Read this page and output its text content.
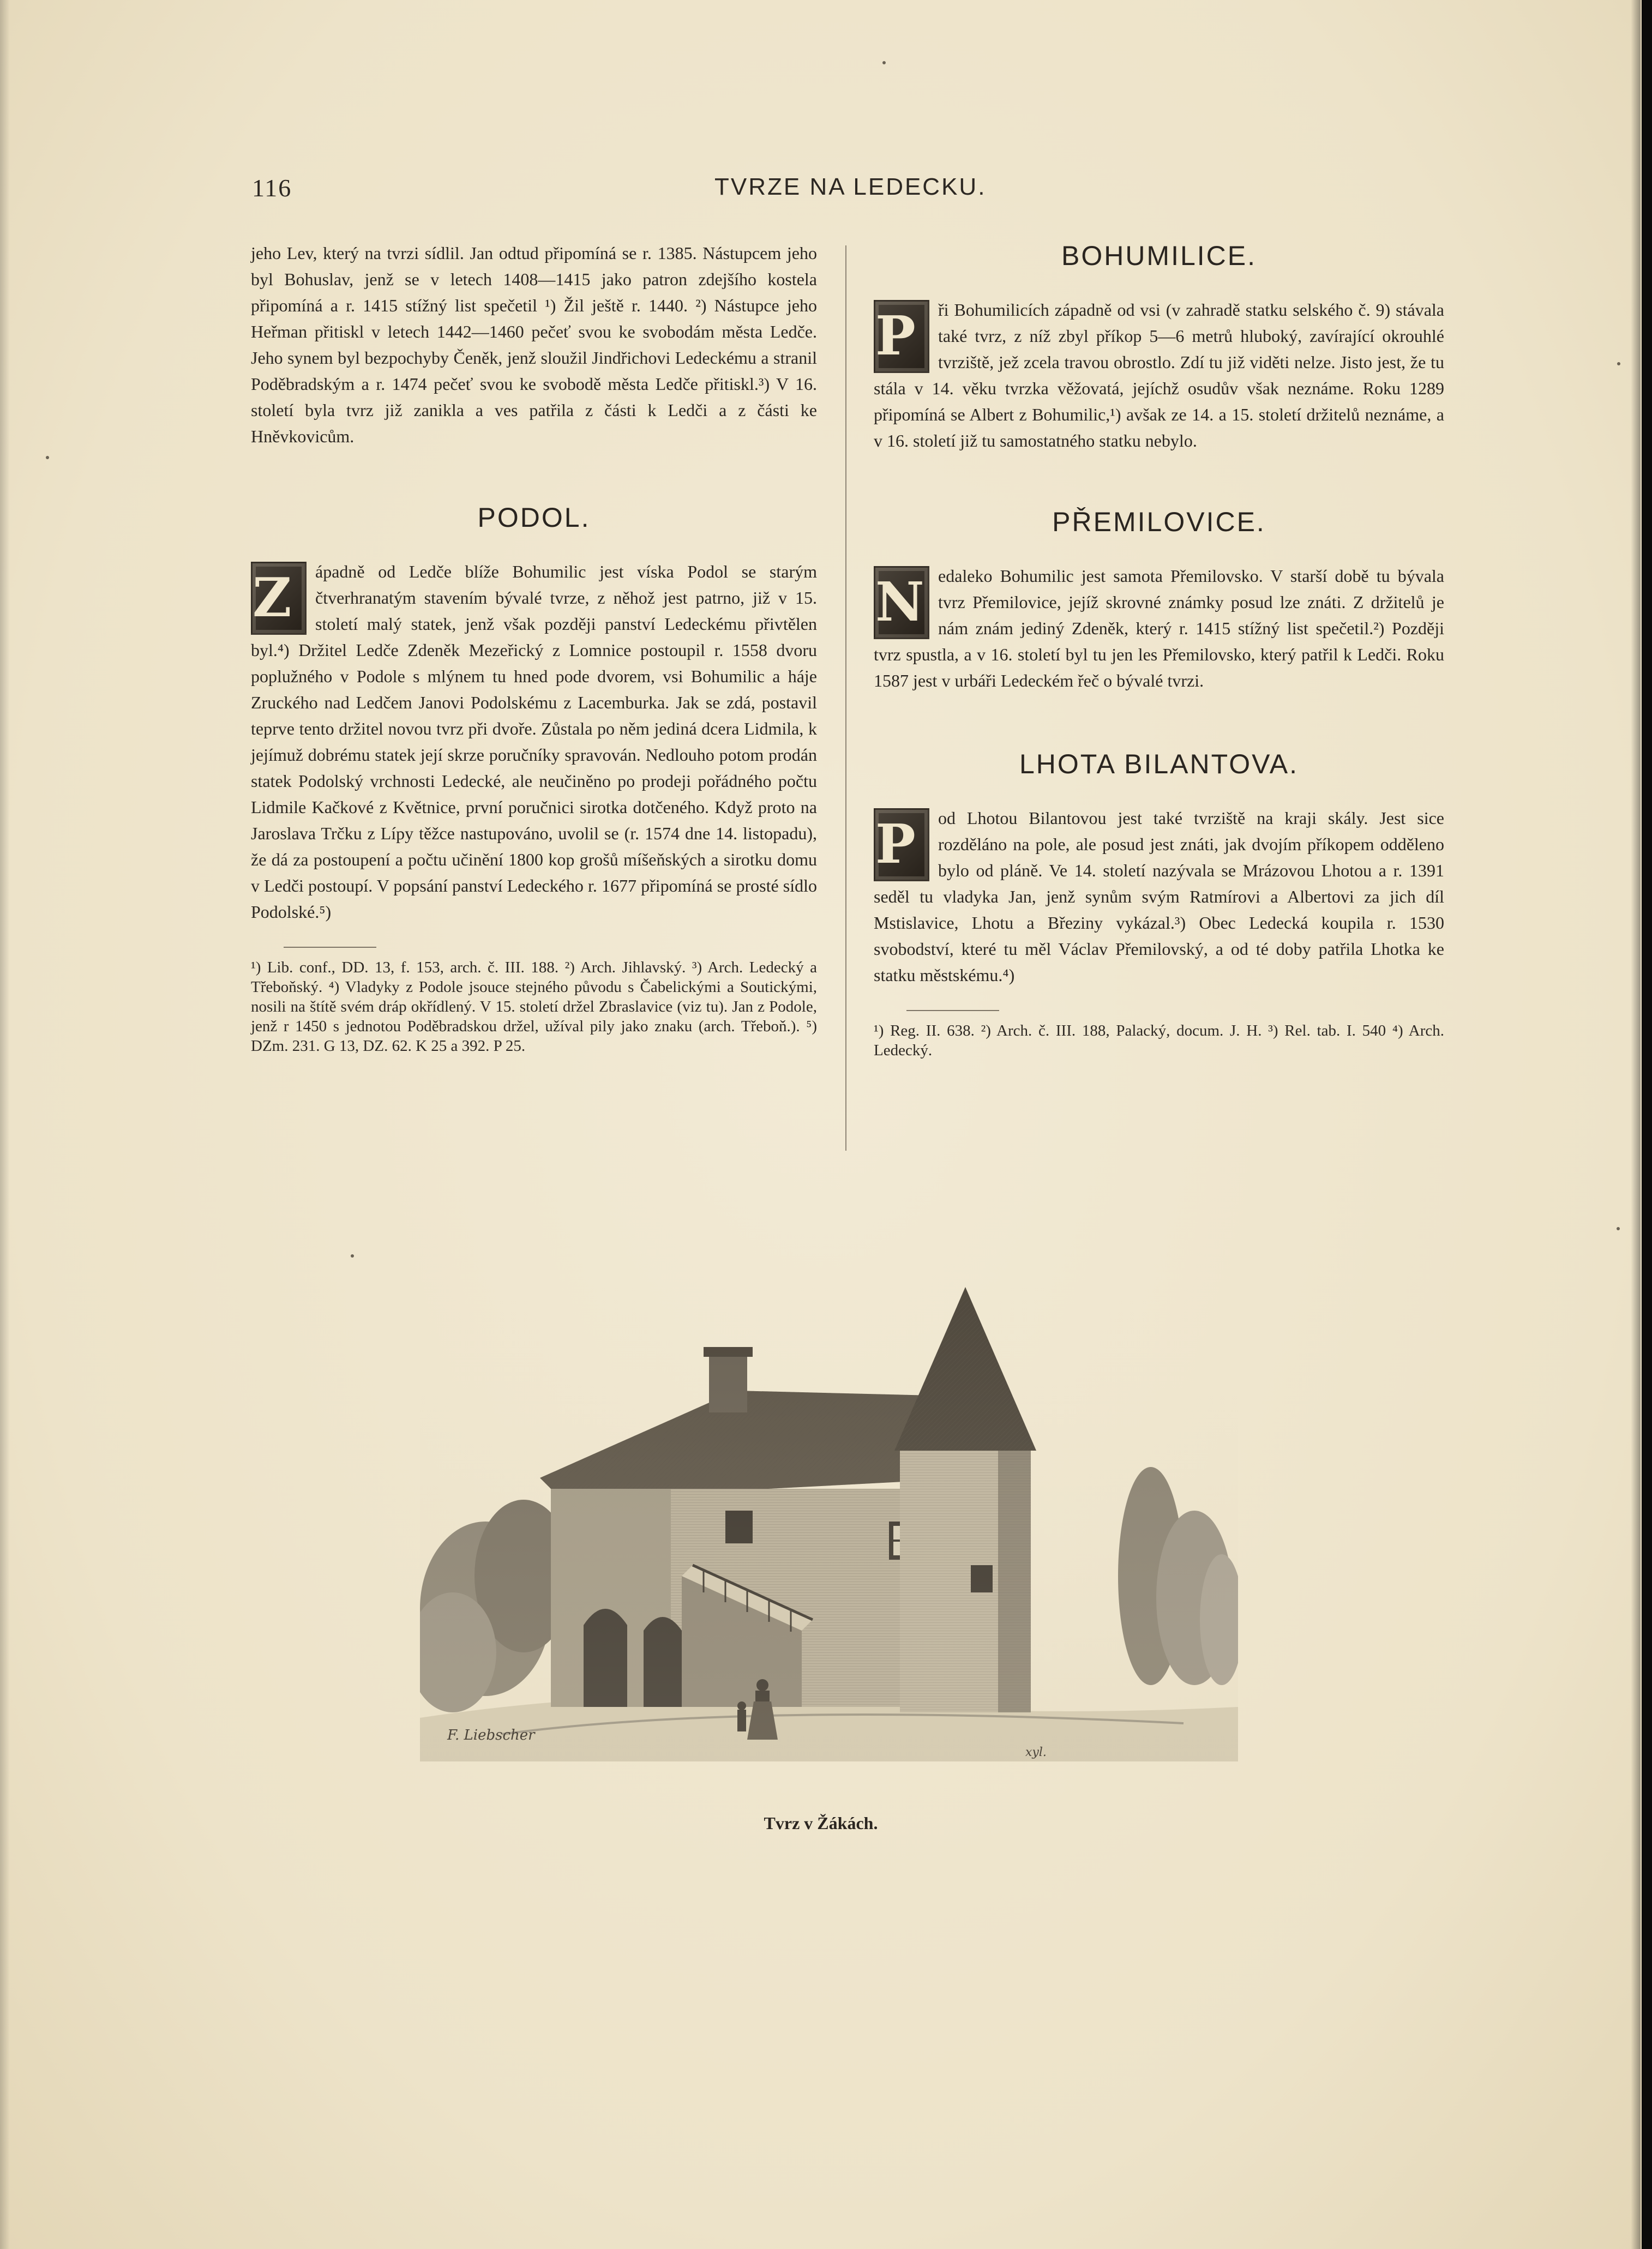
116	TVRZE NA LEDECKU.

jeho Lev, který na tvrzi sídlil. Jan odtud připomíná se r. 1385. Nástupcem jeho byl Bohuslav, jenž se v letech 1408—1415 jako patron zdejšího kostela připomíná a r. 1415 stížný list spečetil ¹) Žil ještě r. 1440. ²) Nástupce jeho Heřman přitiskl v letech 1442—1460 pečeť svou ke svobodám města Ledče. Jeho synem byl bezpochyby Čeněk, jenž sloužil Jindřichovi Ledeckému a stranil Poděbradským a r. 1474 pečeť svou ke svobodě města Ledče přitiskl.³) V 16. století byla tvrz již zanikla a ves patřila z části k Ledči a z části ke Hněvkovicům.

PODOL.

Z	ápadně od Ledče blíže Bohumilic jest víska Podol se starým čtverhranatým stavením bývalé tvrze, z něhož jest patrno, již v 15. století malý statek, jenž však později panství Ledeckému přivtělen byl.⁴) Držitel Ledče Zdeněk Mezeřický z Lomnice postoupil r. 1558 dvoru poplužného v Podole s mlýnem tu hned pode dvorem, vsi Bohumilic a háje Zruckého nad Ledčem Janovi Podolskému z Lacemburka. Jak se zdá, postavil teprve tento držitel novou tvrz při dvoře. Zůstala po něm jediná dcera Lidmila, k jejímuž dobrému statek její skrze poručníky spravován. Nedlouho potom prodán statek Podolský vrchnosti Ledecké, ale neučiněno po prodeji pořádného počtu Lidmile Kačkové z Květnice, první poručnici sirotka dotčeného. Když proto na Jaroslava Trčku z Lípy těžce nastupováno, uvolil se (r. 1574 dne 14. listopadu), že dá za postoupení a počtu učinění 1800 kop grošů míšeňských a sirotku domu v Ledči postoupí. V popsání panství Ledeckého r. 1677 připomíná se prosté sídlo Podolské.⁵)

¹) Lib. conf., DD. 13, f. 153, arch. č. III. 188. ²) Arch. Jihlavský. ³) Arch. Ledecký a Třeboňský. ⁴) Vladyky z Podole jsouce stejného původu s Čabelickými a Soutickými, nosili na štítě svém dráp okřídlený. V 15. století držel Zbraslavice (viz tu). Jan z Podole, jenž r 1450 s jednotou Poděbradskou držel, užíval pily jako znaku (arch. Třeboň.). ⁵) DZm. 231. G 13, DZ. 62. K 25 a 392. P 25.

BOHUMILICE.

P	ři Bohumilicích západně od vsi (v zahradě statku selského č. 9) stávala také tvrz, z níž zbyl příkop 5—6 metrů hluboký, zavírající okrouhlé tvrziště, jež zcela travou obrostlo. Zdí tu již viděti nelze. Jisto jest, že tu stála v 14. věku tvrzka věžovatá, jejíchž osudův však neznáme. Roku 1289 připomíná se Albert z Bohumilic,¹) avšak ze 14. a 15. století držitelů neznáme, a v 16. století již tu samostatného statku nebylo.

PŘEMILOVICE.

N edaleko Bohumilic jest samota Přemilovsko. V starší době tu bývala tvrz Přemilovice, jejíž skrovné známky posud lze znáti. Z držitelů je nám znám jediný Zdeněk, který r. 1415 stížný list spečetil.²) Později tvrz spustla, a v 16. století byl tu jen les Přemilovsko, který patřil k Ledči. Roku 1587 jest v urbáři Ledeckém řeč o bývalé tvrzi.

LHOTA BILANTOVA.

P	od Lhotou Bilantovou jest také tvrziště na kraji skály. Jest sice rozděláno na pole, ale posud jest znáti, jak dvojím příkopem odděleno bylo od pláně. Ve 14. století nazývala se Mrázovou Lhotou a r. 1391 seděl tu vladyka Jan, jenž synům svým Ratmírovi a Albertovi za jich díl Mstislavice, Lhotu a Březiny vykázal.³) Obec Ledecká koupila r. 1530 svobodství, které tu měl Václav Přemilovský, a od té doby patřila Lhotka ke statku městskému.⁴)

¹) Reg. II. 638. ²) Arch. č. III. 188, Palacký, docum. J. H. ³) Rel. tab. I. 540 ⁴) Arch. Ledecký.

F. Liebscher
xyl.
Tvrz v Žákách.
